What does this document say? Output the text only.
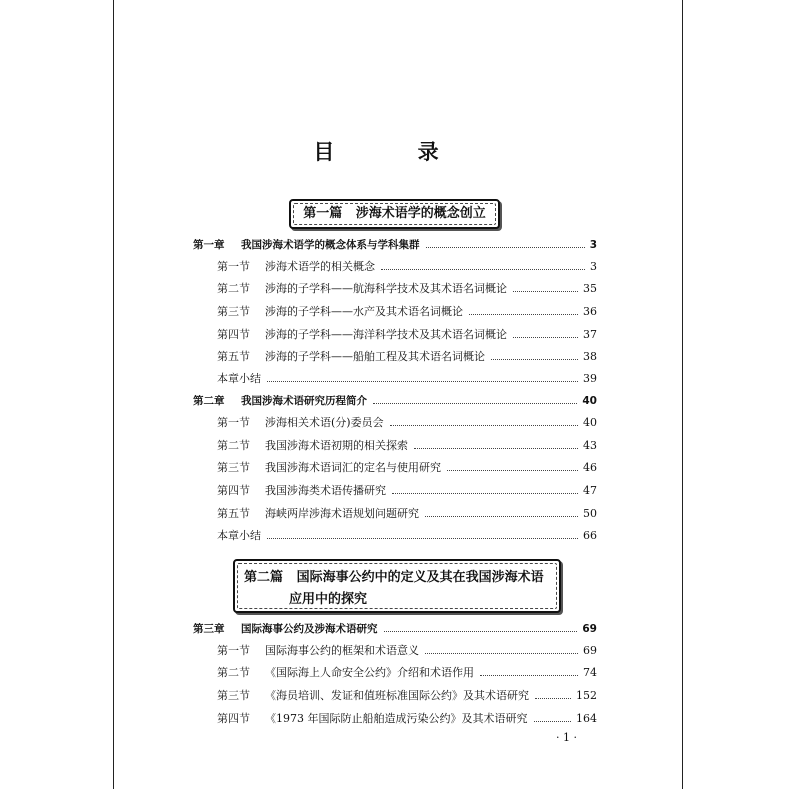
目 录
第一篇 涉海术语学的概念创立
第二篇 国际海事公约中的定义及其在我国涉海术语
应用中的探究
第一章 我国涉海术语学的概念体系与学科集群	3
第一节 涉海术语学的相关概念	3
第二节 涉海的子学科——航海科学技术及其术语名词概论	35
第三节 涉海的子学科——水产及其术语名词概论	36
第四节 涉海的子学科——海洋科学技术及其术语名词概论	37
第五节 涉海的子学科——船舶工程及其术语名词概论	38
本章小结	39
第二章 我国涉海术语研究历程简介	40
第一节 涉海相关术语(分)委员会	40
第二节 我国涉海术语初期的相关探索	43
第三节 我国涉海术语词汇的定名与使用研究	46
第四节 我国涉海类术语传播研究	47
第五节 海峡两岸涉海术语规划问题研究	50
本章小结	66
第三章 国际海事公约及涉海术语研究	69
第一节 国际海事公约的框架和术语意义	69
第二节 《国际海上人命安全公约》介绍和术语作用	74
第三节 《海员培训、发证和值班标准国际公约》及其术语研究	152
第四节 《1973 年国际防止船舶造成污染公约》及其术语研究	164
· 1 ·
